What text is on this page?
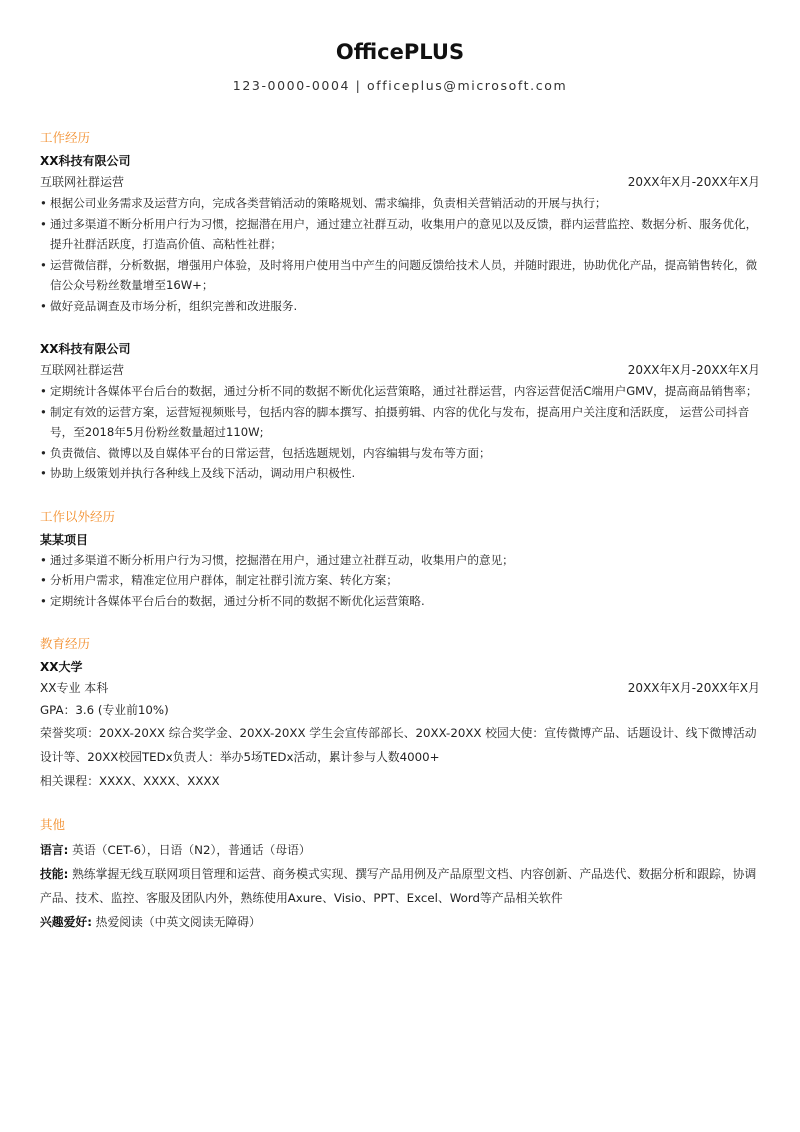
OfficePLUS
123-0000-0004 | officeplus@microsoft.com
工作经历
XX科技有限公司
互联网社群运营	20XX年X月-20XX年X月
• 根据公司业务需求及运营方向，完成各类营销活动的策略规划、需求编排，负责相关营销活动的开展与执行；
• 通过多渠道不断分析用户行为习惯，挖掘潜在用户，通过建立社群互动，收集用户的意见以及反馈，群内运营监控、数据分析、服务优化，提升社群活跃度，打造高价值、高粘性社群；
• 运营微信群，分析数据，增强用户体验，及时将用户使用当中产生的问题反馈给技术人员，并随时跟进，协助优化产品，提高销售转化，微信公众号粉丝数量增至16W+；
• 做好竞品调查及市场分析，组织完善和改进服务.
XX科技有限公司
互联网社群运营	20XX年X月-20XX年X月
• 定期统计各媒体平台后台的数据，通过分析不同的数据不断优化运营策略，通过社群运营，内容运营促活C端用户GMV，提高商品销售率；
• 制定有效的运营方案，运营短视频账号，包括内容的脚本撰写、拍摄剪辑、内容的优化与发布，提高用户关注度和活跃度， 运营公司抖音号，至2018年5月份粉丝数量超过110W;
• 负责微信、微博以及自媒体平台的日常运营，包括选题规划，内容编辑与发布等方面；
• 协助上级策划并执行各种线上及线下活动，调动用户积极性.
工作以外经历
某某项目
• 通过多渠道不断分析用户行为习惯，挖掘潜在用户，通过建立社群互动，收集用户的意见；
• 分析用户需求，精准定位用户群体，制定社群引流方案、转化方案；
• 定期统计各媒体平台后台的数据，通过分析不同的数据不断优化运营策略.
教育经历
XX大学
XX专业 本科	20XX年X月-20XX年X月
GPA：3.6 (专业前10%)
荣誉奖项：20XX-20XX 综合奖学金、20XX-20XX 学生会宣传部部长、20XX-20XX 校园大使：宣传微博产品、话题设计、线下微博活动设计等、20XX校园TEDx负责人：举办5场TEDx活动，累计参与人数4000+
相关课程：XXXX、XXXX、XXXX
其他
语言: 英语（CET-6），日语（N2），普通话（母语）
技能: 熟练掌握无线互联网项目管理和运营、商务模式实现、撰写产品用例及产品原型文档、内容创新、产品迭代、数据分析和跟踪，协调产品、技术、监控、客服及团队内外，熟练使用Axure、Visio、PPT、Excel、Word等产品相关软件
兴趣爱好: 热爱阅读（中英文阅读无障碍）
